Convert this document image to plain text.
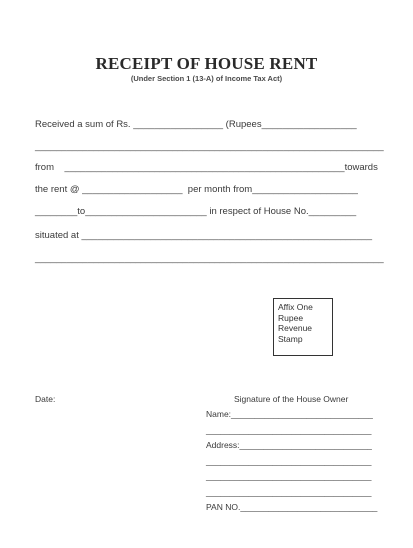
RECEIPT OF HOUSE RENT
(Under Section 1 (13-A) of Income Tax Act)
Received a sum of Rs. _________________ (Rupees__________________
__________________________________________________________________
from    _____________________________________________________towards
the rent @ ___________________  per month from____________________
________to_______________________ in respect of House No._________
situated at _______________________________________________________
__________________________________________________________________
Affix One
Rupee
Revenue
Stamp
Date:	Signature of the House Owner
Name:______________________________
___________________________________
Address:____________________________
___________________________________
___________________________________
___________________________________
PAN NO._____________________________
